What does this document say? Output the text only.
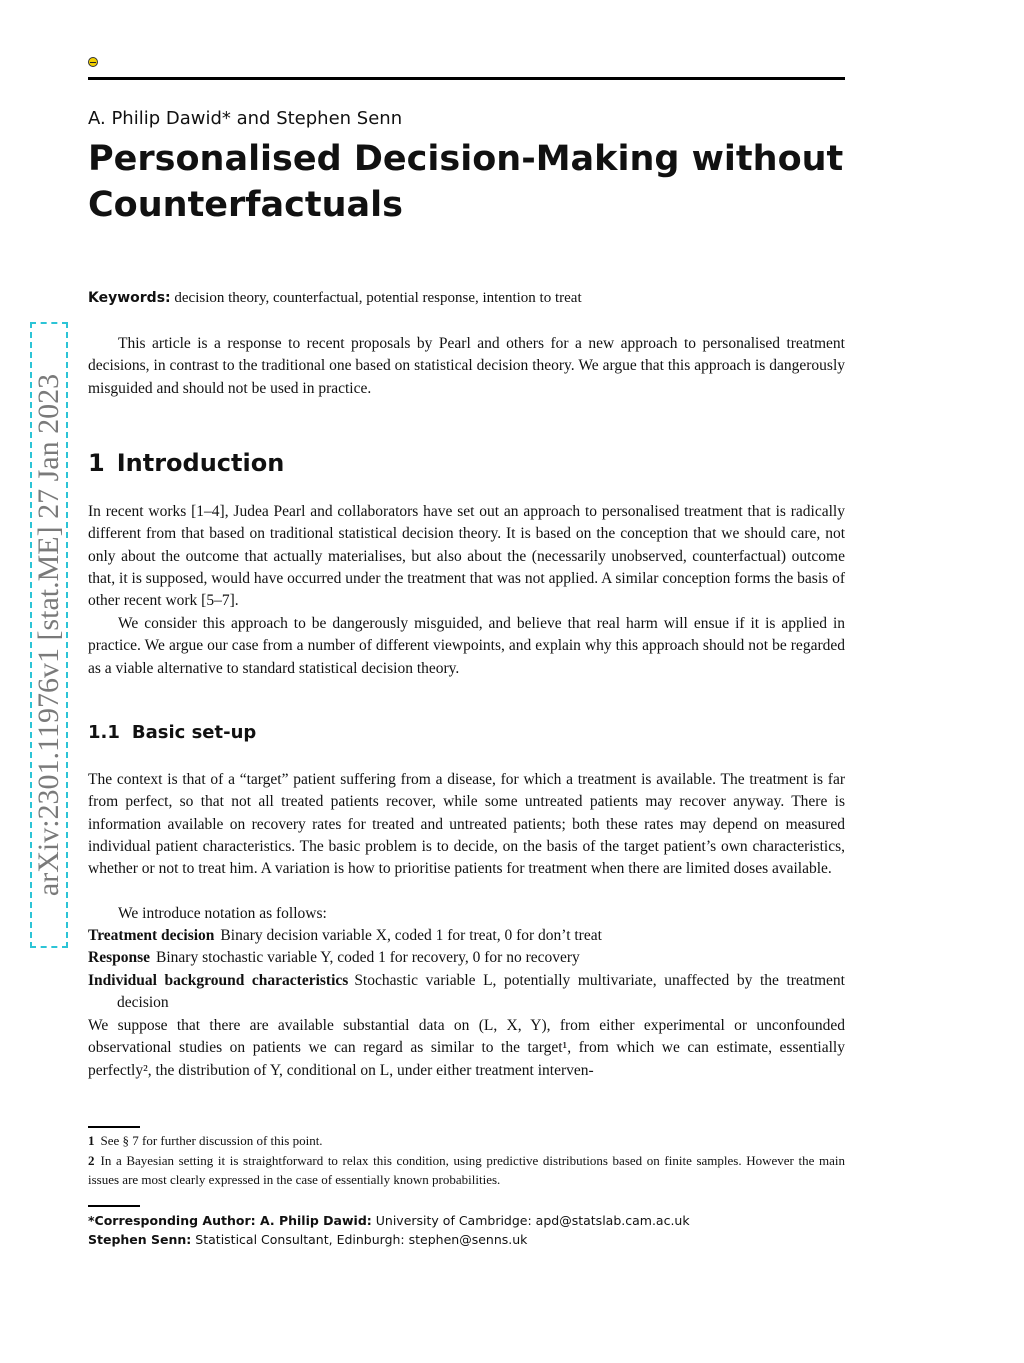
A. Philip Dawid* and Stephen Senn
Personalised Decision-Making without Counterfactuals
Keywords: decision theory, counterfactual, potential response, intention to treat

This article is a response to recent proposals by Pearl and others for a new approach to personalised treatment decisions, in contrast to the traditional one based on statistical decision theory. We argue that this approach is dangerously misguided and should not be used in practice.

1 Introduction

In recent works [1–4], Judea Pearl and collaborators have set out an approach to personalised treatment that is radically different from that based on traditional statistical decision theory. It is based on the conception that we should care, not only about the outcome that actually materialises, but also about the (necessarily unobserved, counterfactual) outcome that, it is supposed, would have occurred under the treatment that was not applied. A similar conception forms the basis of other recent work [5–7].

We consider this approach to be dangerously misguided, and believe that real harm will ensue if it is applied in practice. We argue our case from a number of different viewpoints, and explain why this approach should not be regarded as a viable alternative to standard statistical decision theory.

1.1 Basic set-up

The context is that of a “target” patient suffering from a disease, for which a treatment is available. The treatment is far from perfect, so that not all treated patients recover, while some untreated patients may recover anyway. There is information available on recovery rates for treated and untreated patients; both these rates may depend on measured individual patient characteristics. The basic problem is to decide, on the basis of the target patient’s own characteristics, whether or not to treat him. A variation is how to prioritise patients for treatment when there are limited doses available.

We introduce notation as follows:

Treatment decision Binary decision variable X, coded 1 for treat, 0 for don’t treat
Response Binary stochastic variable Y, coded 1 for recovery, 0 for no recovery
Individual background characteristics Stochastic variable L, potentially multivariate, unaffected by the treatment decision

We suppose that there are available substantial data on (L, X, Y), from either experimental or unconfounded observational studies on patients we can regard as similar to the target¹, from which we can estimate, essentially perfectly², the distribution of Y, conditional on L, under either treatment interven-

1 See § 7 for further discussion of this point.

2 In a Bayesian setting it is straightforward to relax this condition, using predictive distributions based on finite samples. However the main issues are most clearly expressed in the case of essentially known probabilities.

*Corresponding Author: A. Philip Dawid: University of Cambridge: apd@statslab.cam.ac.uk
Stephen Senn: Statistical Consultant, Edinburgh: stephen@senns.uk
arXiv:2301.11976v1 [stat.ME] 27 Jan 2023
